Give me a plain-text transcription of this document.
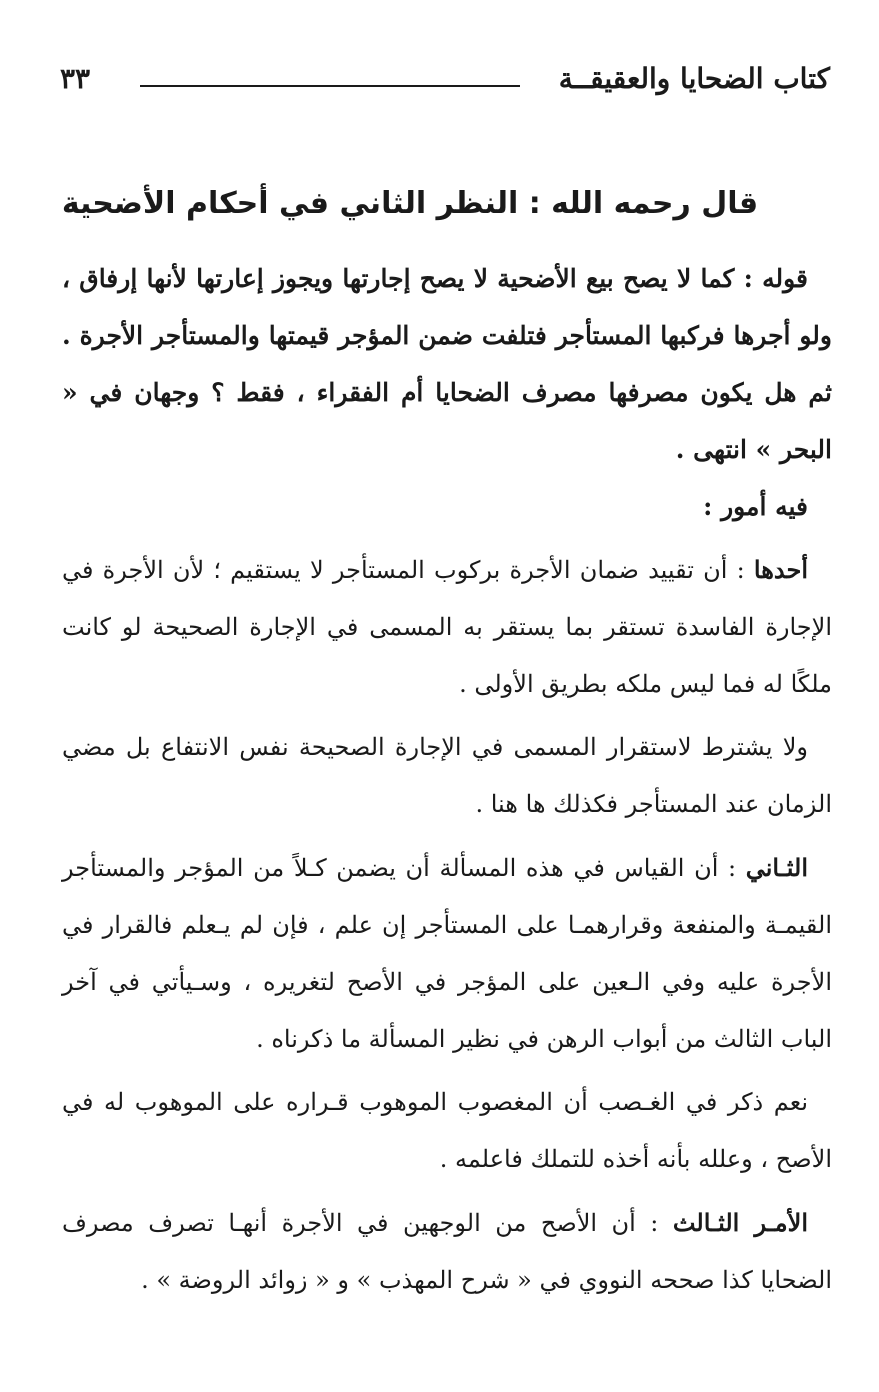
كتاب الضحايا والعقيقــة
٣٣
قال رحمه الله : النظر الثاني في أحكام الأضحية

قوله : كما لا يصح بيع الأضحية لا يصح إجارتها ويجوز إعارتها لأنها إرفاق ، ولو أجرها فركبها المستأجر فتلفت ضمن المؤجر قيمتها والمستأجر الأجرة . ثم هل يكون مصرفها مصرف الضحايا أم الفقراء ، فقط ؟ وجهان في « البحر » انتهى .

فيه أمور :

أحدها : أن تقييد ضمان الأجرة بركوب المستأجر لا يستقيم ؛ لأن الأجرة في الإجارة الفاسدة تستقر بما يستقر به المسمى في الإجارة الصحيحة لو كانت ملكًا له فما ليس ملكه بطريق الأولى .

ولا يشترط لاستقرار المسمى في الإجارة الصحيحة نفس الانتفاع بل مضي الزمان عند المستأجر فكذلك ها هنا .

الثـاني : أن القياس في هذه المسألة أن يضمن كـلاً من المؤجر والمستأجر القيمـة والمنفعة وقرارهمـا على المستأجر إن علم ، فإن لم يـعلم فالقرار في الأجرة عليه وفي الـعين على المؤجر في الأصح لتغريره ، وسـيأتي في آخر الباب الثالث من أبواب الرهن في نظير المسألة ما ذكرناه .

نعم ذكر في الغـصب أن المغصوب الموهوب قـراره على الموهوب له في الأصح ، وعلله بأنه أخذه للتملك فاعلمه .

الأمـر الثـالث : أن الأصح من الوجهين في الأجرة أنهـا تصرف مصرف الضحايا كذا صححه النووي في « شرح المهذب » و « زوائد الروضة » .
